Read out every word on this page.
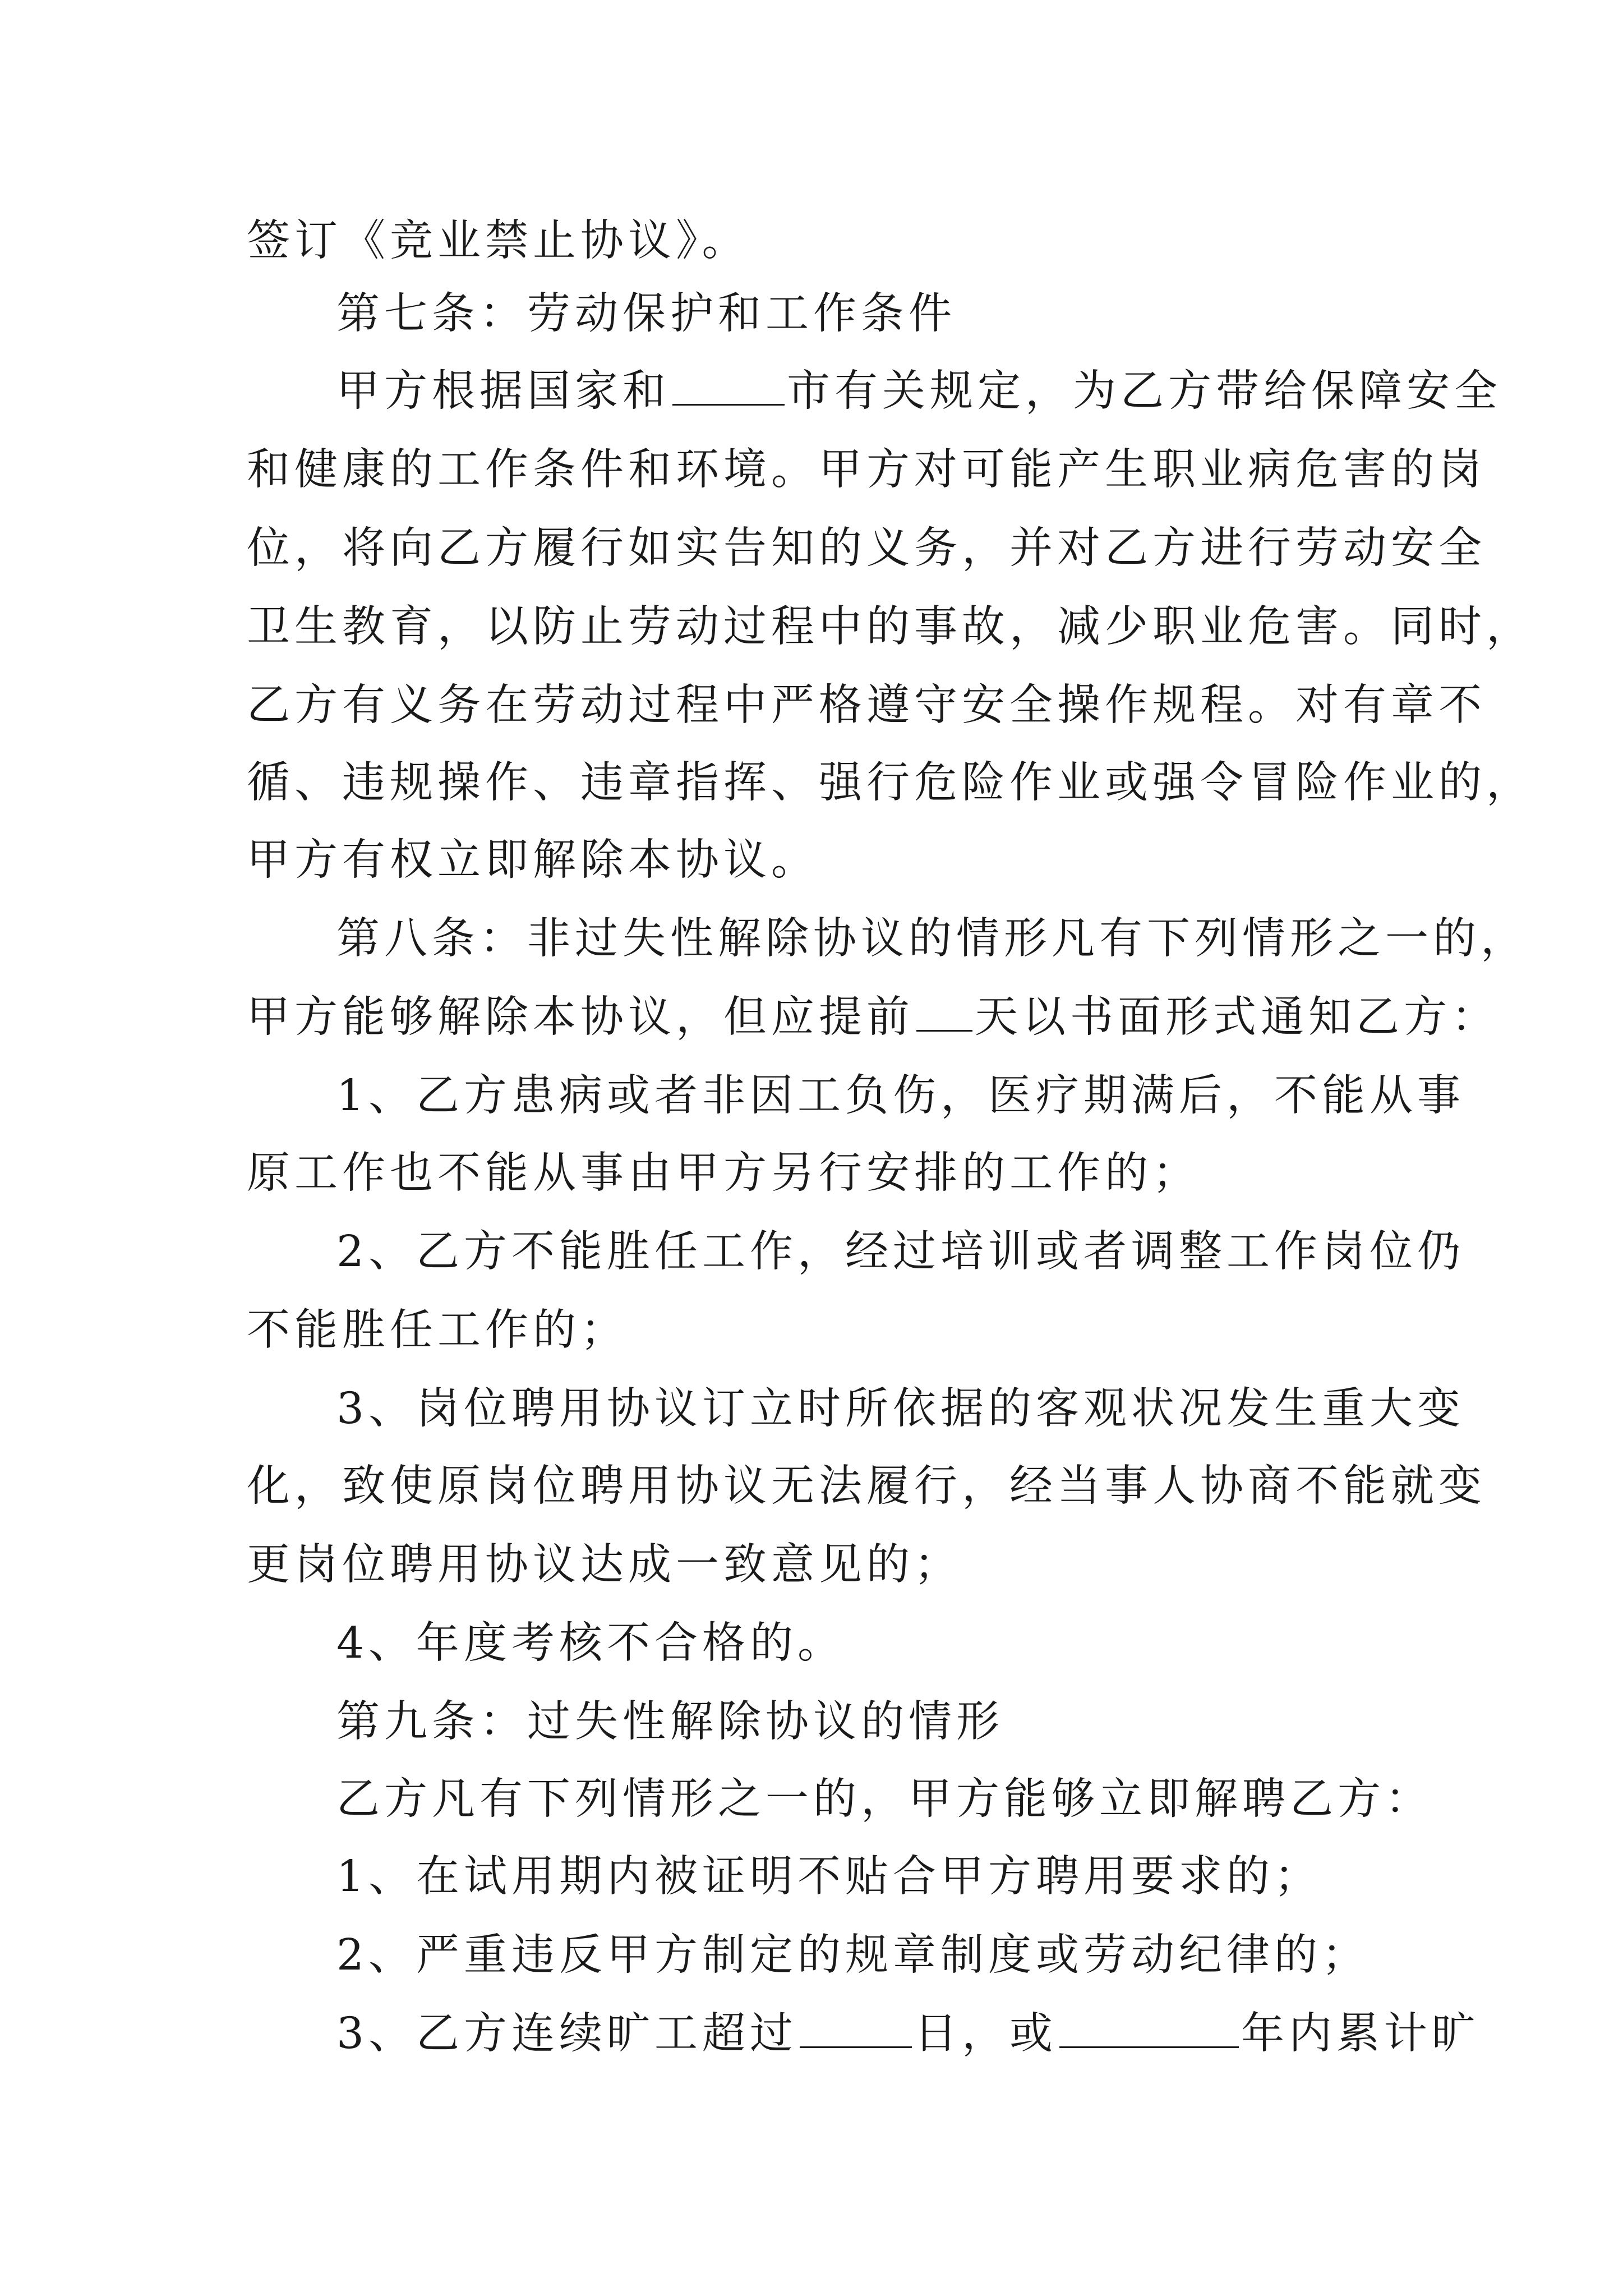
签订《竞业禁止协议》。
第七条：劳动保护和工作条件
甲方根据国家和	市有关规定，为乙方带给保障安全
和健康的工作条件和环境。甲方对可能产生职业病危害的岗
位，将向乙方履行如实告知的义务，并对乙方进行劳动安全
卫生教育，以防止劳动过程中的事故，减少职业危害。同时，
乙方有义务在劳动过程中严格遵守安全操作规程。对有章不
循、违规操作、违章指挥、强行危险作业或强令冒险作业的，
甲方有权立即解除本协议。
第八条：非过失性解除协议的情形凡有下列情形之一的，
甲方能够解除本协议，但应提前 天以书面形式通知乙方：
1、乙方患病或者非因工负伤，医疗期满后，不能从事
原工作也不能从事由甲方另行安排的工作的；
2、乙方不能胜任工作，经过培训或者调整工作岗位仍
不能胜任工作的；
3、岗位聘用协议订立时所依据的客观状况发生重大变
化，致使原岗位聘用协议无法履行，经当事人协商不能就变
更岗位聘用协议达成一致意见的；
4、年度考核不合格的。
第九条：过失性解除协议的情形
乙方凡有下列情形之一的，甲方能够立即解聘乙方：
1、在试用期内被证明不贴合甲方聘用要求的；
2、严重违反甲方制定的规章制度或劳动纪律的；
3、乙方连续旷工超过	日，或	年内累计旷
